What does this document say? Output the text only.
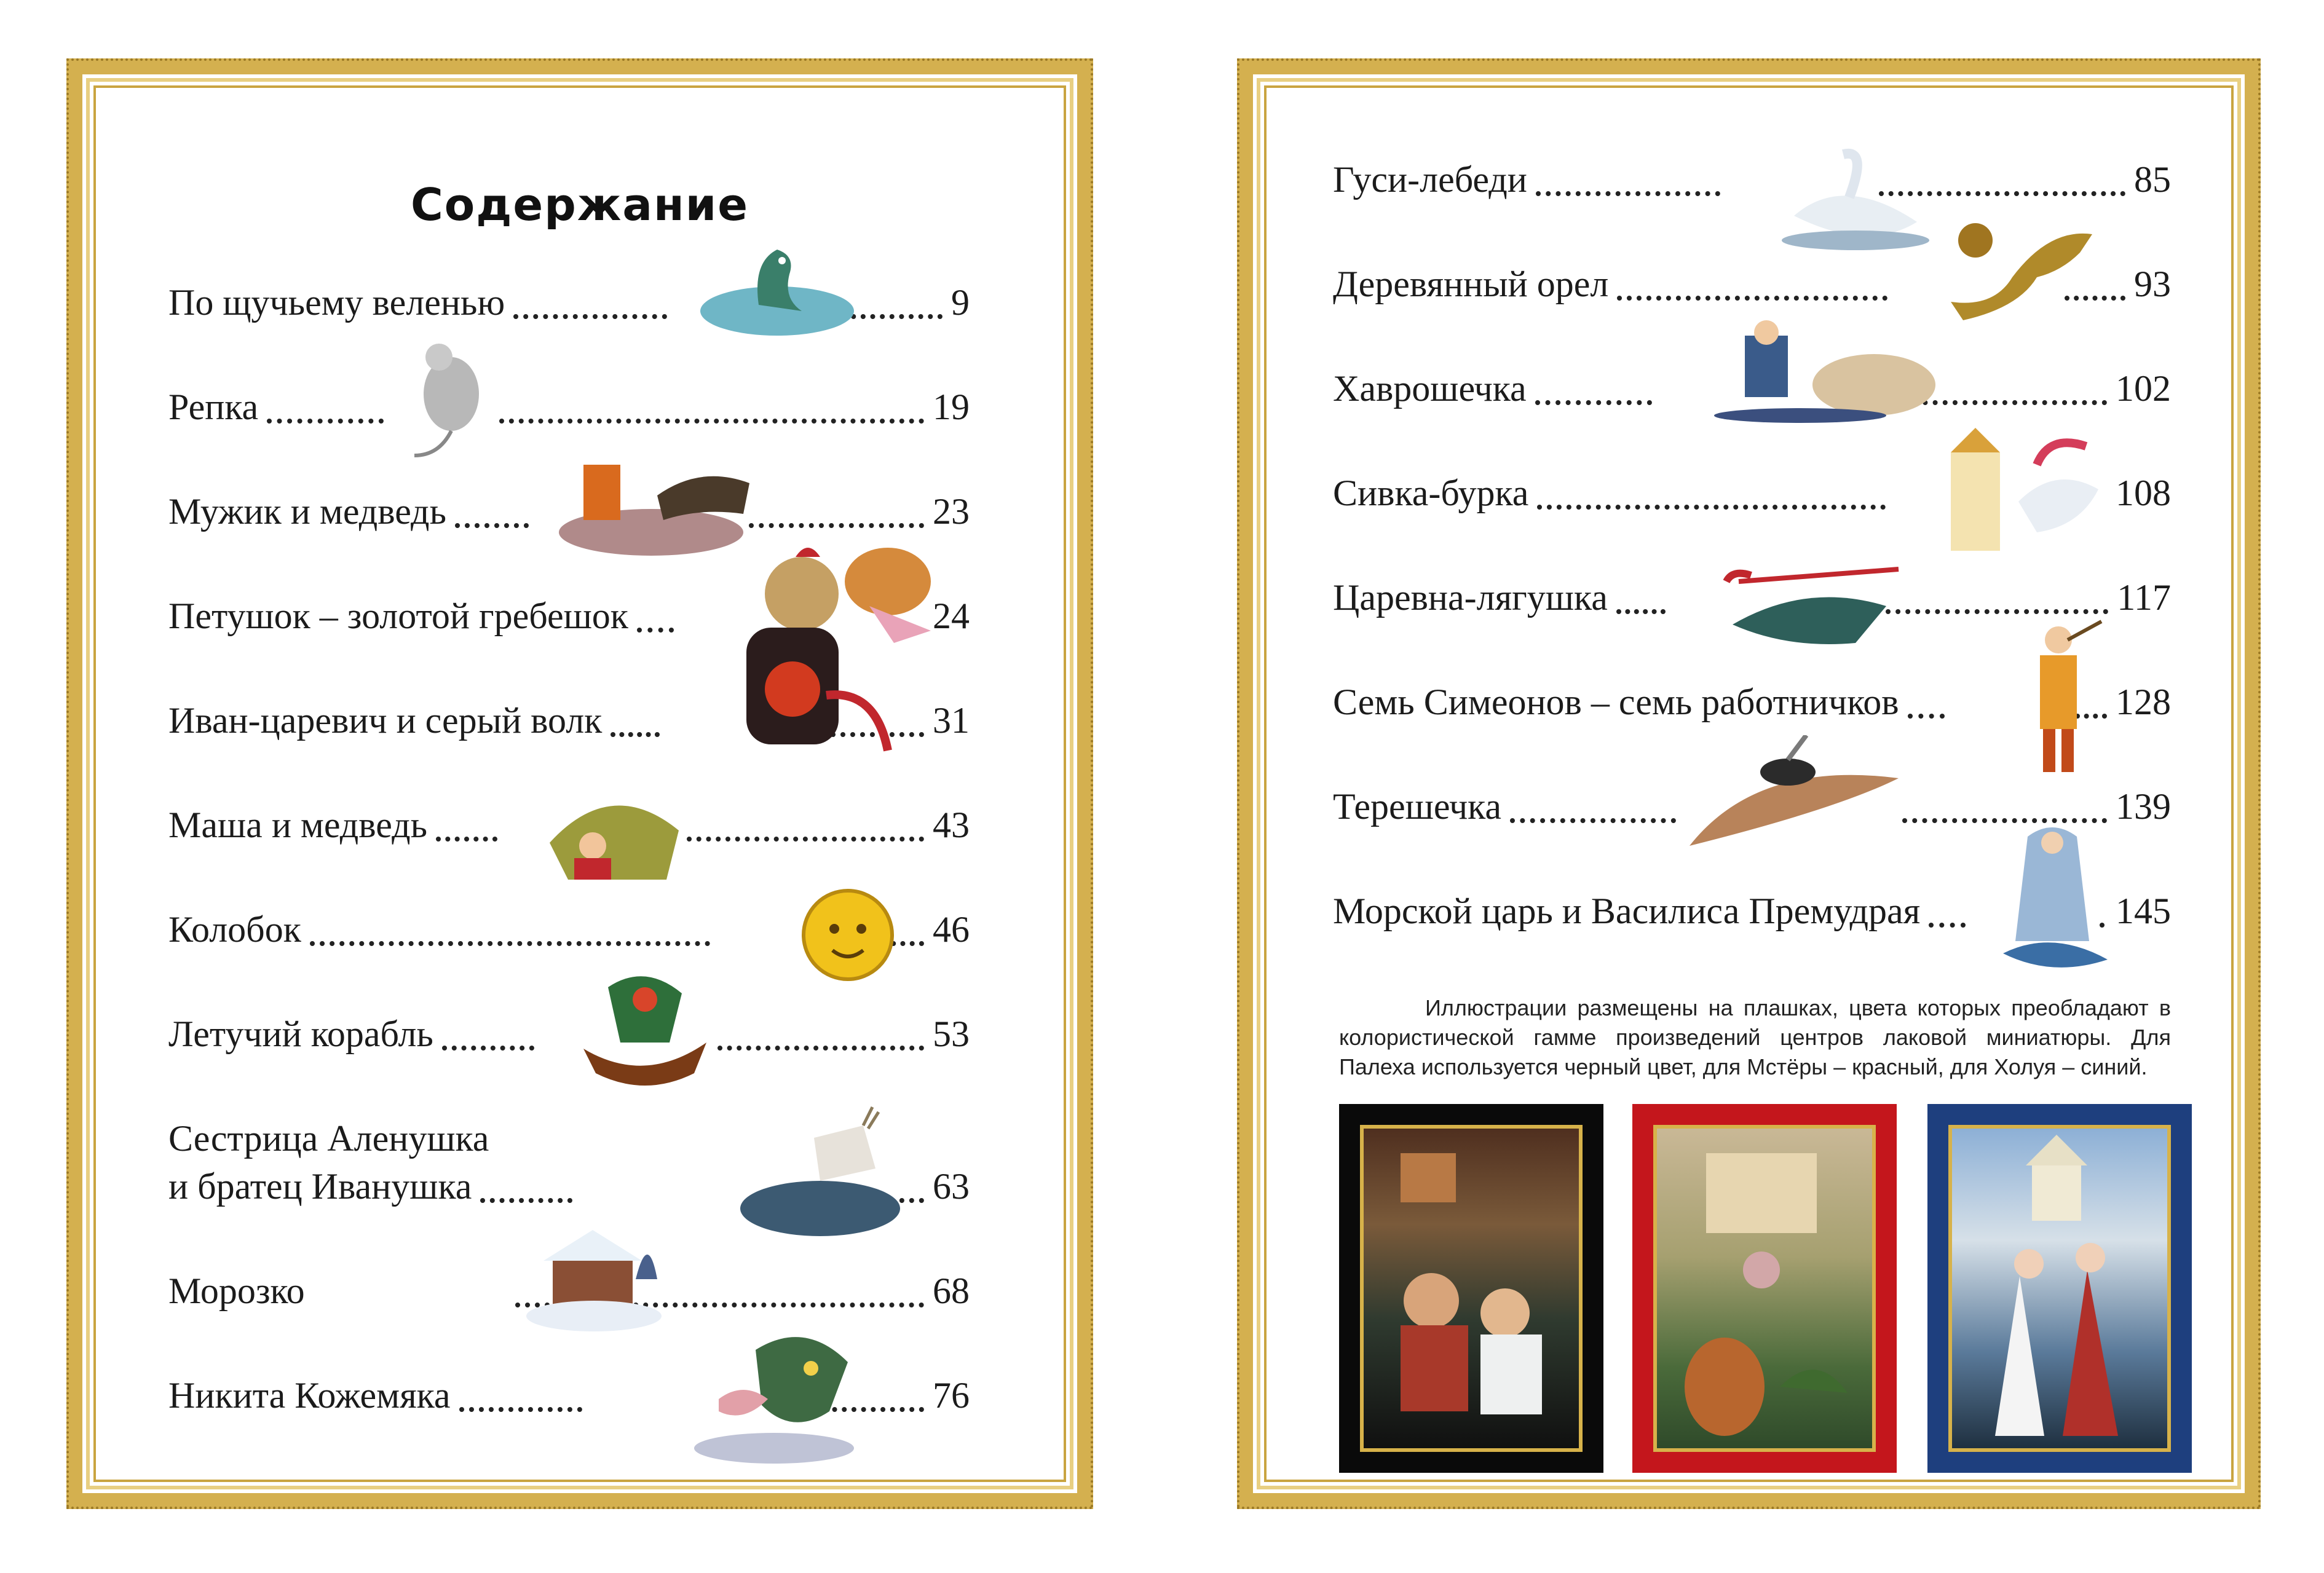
Содержание
По щучьему веленью	9
Репка	19
Мужик и медведь	23
Петушок – золотой гребешок	24
Иван-царевич и серый волк	31
Маша и медведь	43
Колобок	46
Летучий корабль	53
Сестрица Аленушка
и братец Иванушка	63
Морозко	68
Никита Кожемяка	76
Гуси-лебеди	85
Деревянный орел	93
Хаврошечка	102
Сивка-бурка	108
Царевна-лягушка	117
Семь Симеонов – семь работничков	128
Терешечка	139
Морской царь и Василиса Премудрая	145
Иллюстрации размещены на плашках, цвета которых преобладают в колористической гамме произведений центров лаковой миниатюры. Для Палеха используется черный цвет, для Мстёры – красный, для Холуя – синий.
